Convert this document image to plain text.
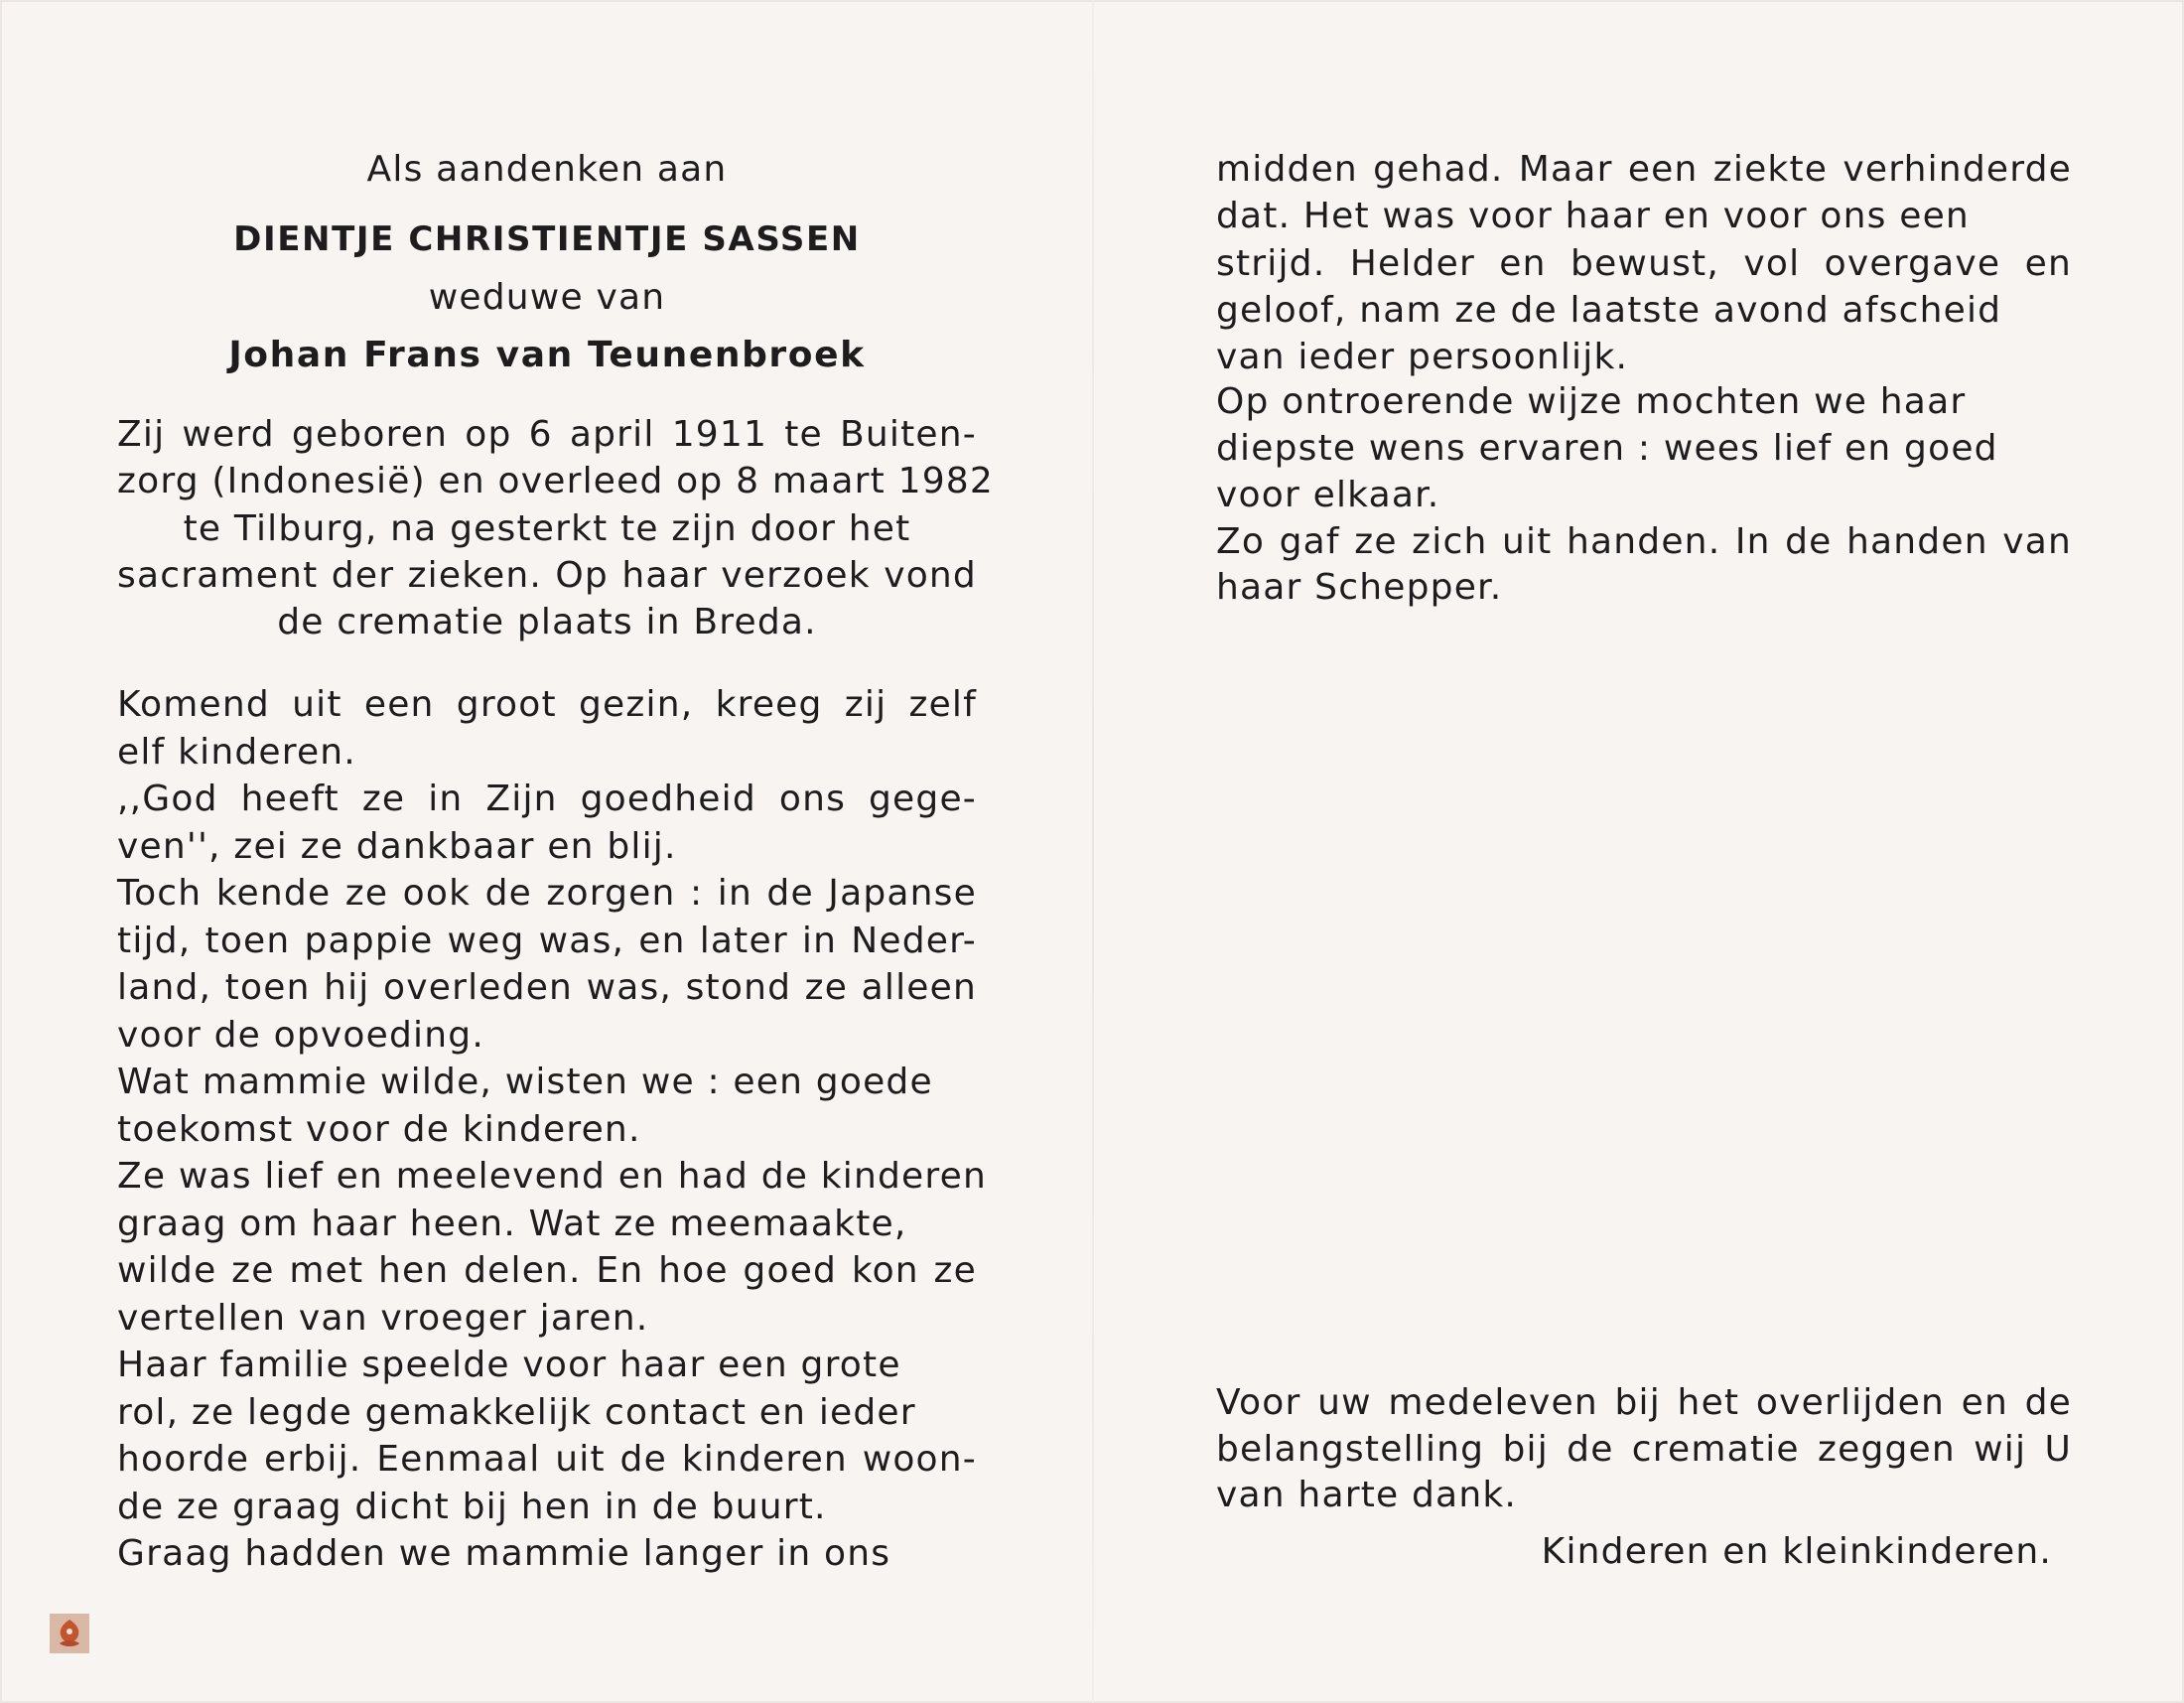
Als aandenken aan
DIENTJE CHRISTIENTJE SASSEN
weduwe van
Johan Frans van Teunenbroek
Zij werd geboren op 6 april 1911 te Buiten-
zorg (Indonesië) en overleed op 8 maart 1982
te Tilburg, na gesterkt te zijn door het
sacrament der zieken. Op haar verzoek vond
de crematie plaats in Breda.
Komend uit een groot gezin, kreeg zij zelf
elf kinderen.
,,God heeft ze in Zijn goedheid ons gege-
ven'', zei ze dankbaar en blij.
Toch kende ze ook de zorgen : in de Japanse
tijd, toen pappie weg was, en later in Neder-
land, toen hij overleden was, stond ze alleen
voor de opvoeding.
Wat mammie wilde, wisten we : een goede
toekomst voor de kinderen.
Ze was lief en meelevend en had de kinderen
graag om haar heen. Wat ze meemaakte,
wilde ze met hen delen. En hoe goed kon ze
vertellen van vroeger jaren.
Haar familie speelde voor haar een grote
rol, ze legde gemakkelijk contact en ieder
hoorde erbij. Eenmaal uit de kinderen woon-
de ze graag dicht bij hen in de buurt.
Graag hadden we mammie langer in ons
midden gehad. Maar een ziekte verhinderde
dat. Het was voor haar en voor ons een
strijd. Helder en bewust, vol overgave en
geloof, nam ze de laatste avond afscheid
van ieder persoonlijk.
Op ontroerende wijze mochten we haar
diepste wens ervaren : wees lief en goed
voor elkaar.
Zo gaf ze zich uit handen. In de handen van
haar Schepper.
Voor uw medeleven bij het overlijden en de
belangstelling bij de crematie zeggen wij U
van harte dank.
Kinderen en kleinkinderen.
